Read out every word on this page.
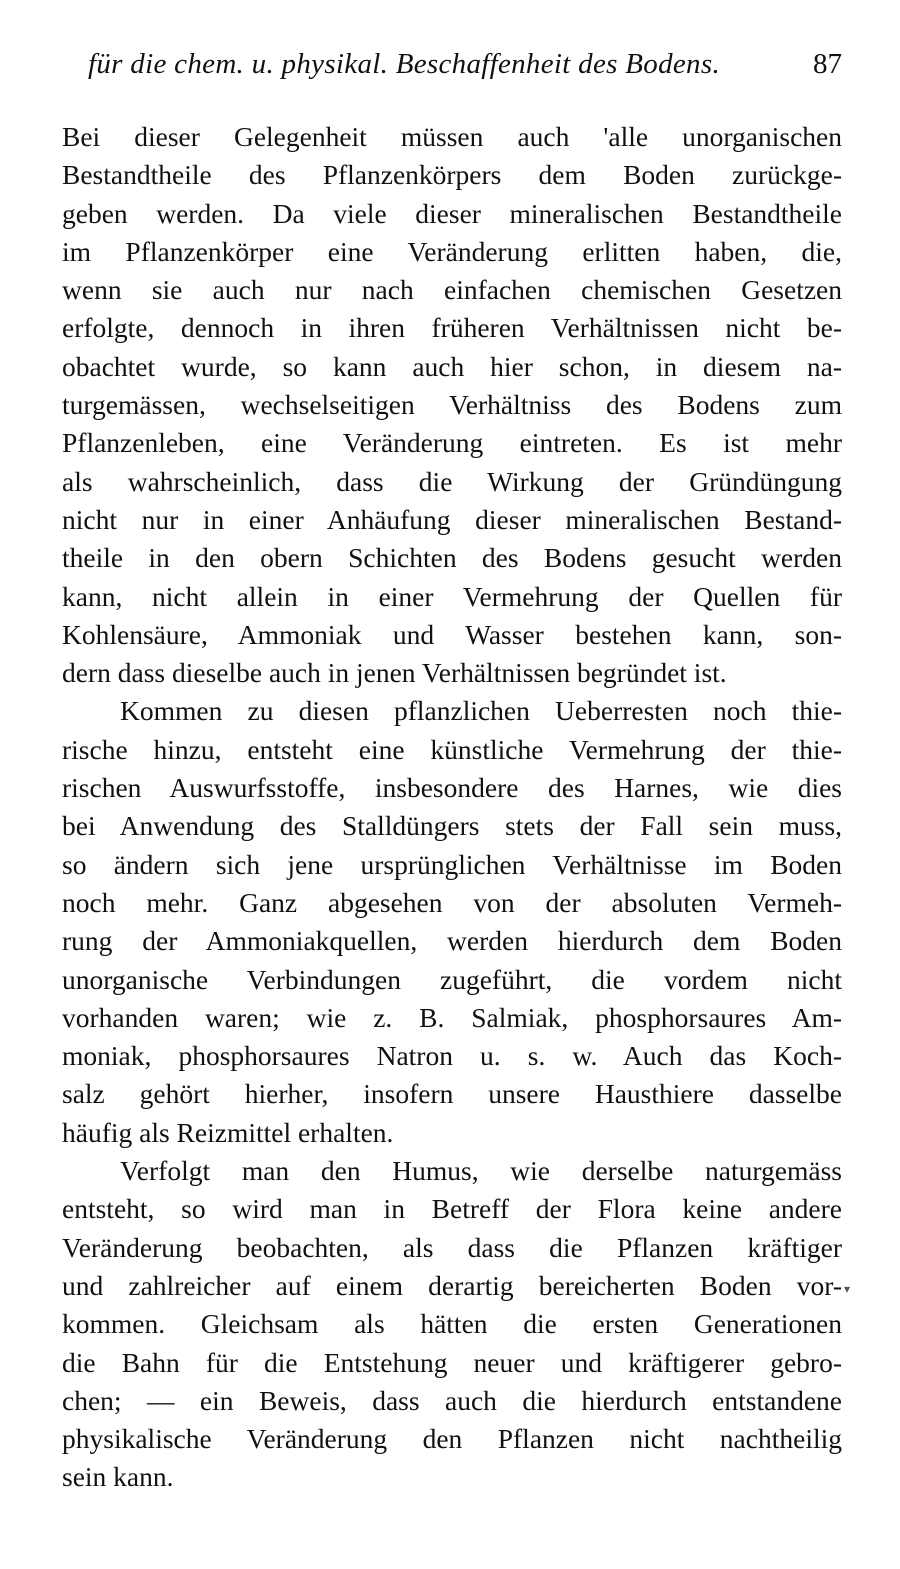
für die chem. u. physikal. Beschaffenheit des Bodens.	87
Bei dieser Gelegenheit müssen auch 'alle unorganischen
Bestandtheile des Pflanzenkörpers dem Boden zurückge-
geben werden. Da viele dieser mineralischen Bestandtheile
im Pflanzenkörper eine Veränderung erlitten haben, die,
wenn sie auch nur nach einfachen chemischen Gesetzen
erfolgte, dennoch in ihren früheren Verhältnissen nicht be-
obachtet wurde, so kann auch hier schon, in diesem na-
turgemässen, wechselseitigen Verhältniss des Bodens zum
Pflanzenleben, eine Veränderung eintreten. Es ist mehr
als wahrscheinlich, dass die Wirkung der Gründüngung
nicht nur in einer Anhäufung dieser mineralischen Bestand-
theile in den obern Schichten des Bodens gesucht werden
kann, nicht allein in einer Vermehrung der Quellen für
Kohlensäure, Ammoniak und Wasser bestehen kann, son-
dern dass dieselbe auch in jenen Verhältnissen begründet ist.
Kommen zu diesen pflanzlichen Ueberresten noch thie-
rische hinzu, entsteht eine künstliche Vermehrung der thie-
rischen Auswurfsstoffe, insbesondere des Harnes, wie dies
bei Anwendung des Stalldüngers stets der Fall sein muss,
so ändern sich jene ursprünglichen Verhältnisse im Boden
noch mehr. Ganz abgesehen von der absoluten Vermeh-
rung der Ammoniakquellen, werden hierdurch dem Boden
unorganische Verbindungen zugeführt, die vordem nicht
vorhanden waren; wie z. B. Salmiak, phosphorsaures Am-
moniak, phosphorsaures Natron u. s. w. Auch das Koch-
salz gehört hierher, insofern unsere Hausthiere dasselbe
häufig als Reizmittel erhalten.
Verfolgt man den Humus, wie derselbe naturgemäss
entsteht, so wird man in Betreff der Flora keine andere
Veränderung beobachten, als dass die Pflanzen kräftiger
und zahlreicher auf einem derartig bereicherten Boden vor-
kommen. Gleichsam als hätten die ersten Generationen
die Bahn für die Entstehung neuer und kräftigerer gebro-
chen; — ein Beweis, dass auch die hierdurch entstandene
physikalische Veränderung den Pflanzen nicht nachtheilig
sein kann.
▾
